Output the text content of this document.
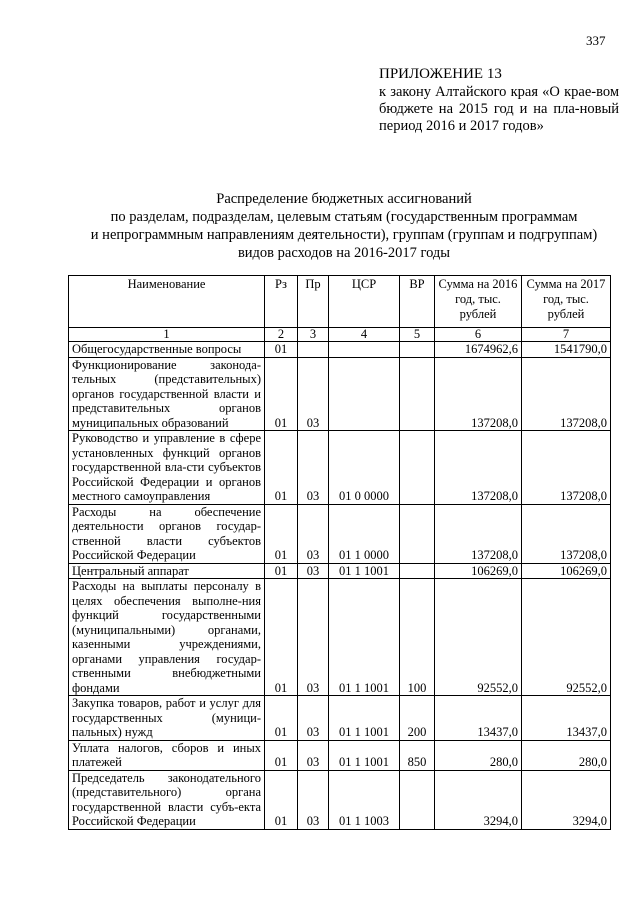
337
ПРИЛОЖЕНИЕ 13
к закону Алтайского края «О крае-вом бюджете на 2015 год и на пла-новый период 2016 и 2017 годов»
Распределение бюджетных ассигнований
по разделам, подразделам, целевым статьям (государственным программам
и непрограммным направлениям деятельности), группам (группам и подгруппам)
видов расходов на 2016-2017 годы
Наименование	Рз	Пр	ЦСР	ВР	Сумма на 2016 год, тыс. рублей	Сумма на 2017 год, тыс. рублей
1	2	3	4	5	6	7
Общегосударственные вопросы	01				1674962,6	1541790,0
Функционирование законода-тельных (представительных) органов государственной власти и представительных органов муниципальных образований	01	03			137208,0	137208,0
Руководство и управление в сфере установленных функций органов государственной вла-сти субъектов Российской Федерации и органов местного самоуправления	01	03	01 0 0000		137208,0	137208,0
Расходы на обеспечение деятельности органов государ-ственной власти субъектов Российской Федерации	01	03	01 1 0000		137208,0	137208,0
Центральный аппарат	01	03	01 1 1001		106269,0	106269,0
Расходы на выплаты персоналу в целях обеспечения выполне-ния функций государственными (муниципальными) органами, казенными учреждениями, органами управления государ-ственными внебюджетными фондами	01	03	01 1 1001	100	92552,0	92552,0
Закупка товаров, работ и услуг для государственных (муници-пальных) нужд	01	03	01 1 1001	200	13437,0	13437,0
Уплата налогов, сборов и иных платежей	01	03	01 1 1001	850	280,0	280,0
Председатель законодательного (представительного) органа государственной власти субъ-екта Российской Федерации	01	03	01 1 1003		3294,0	3294,0
